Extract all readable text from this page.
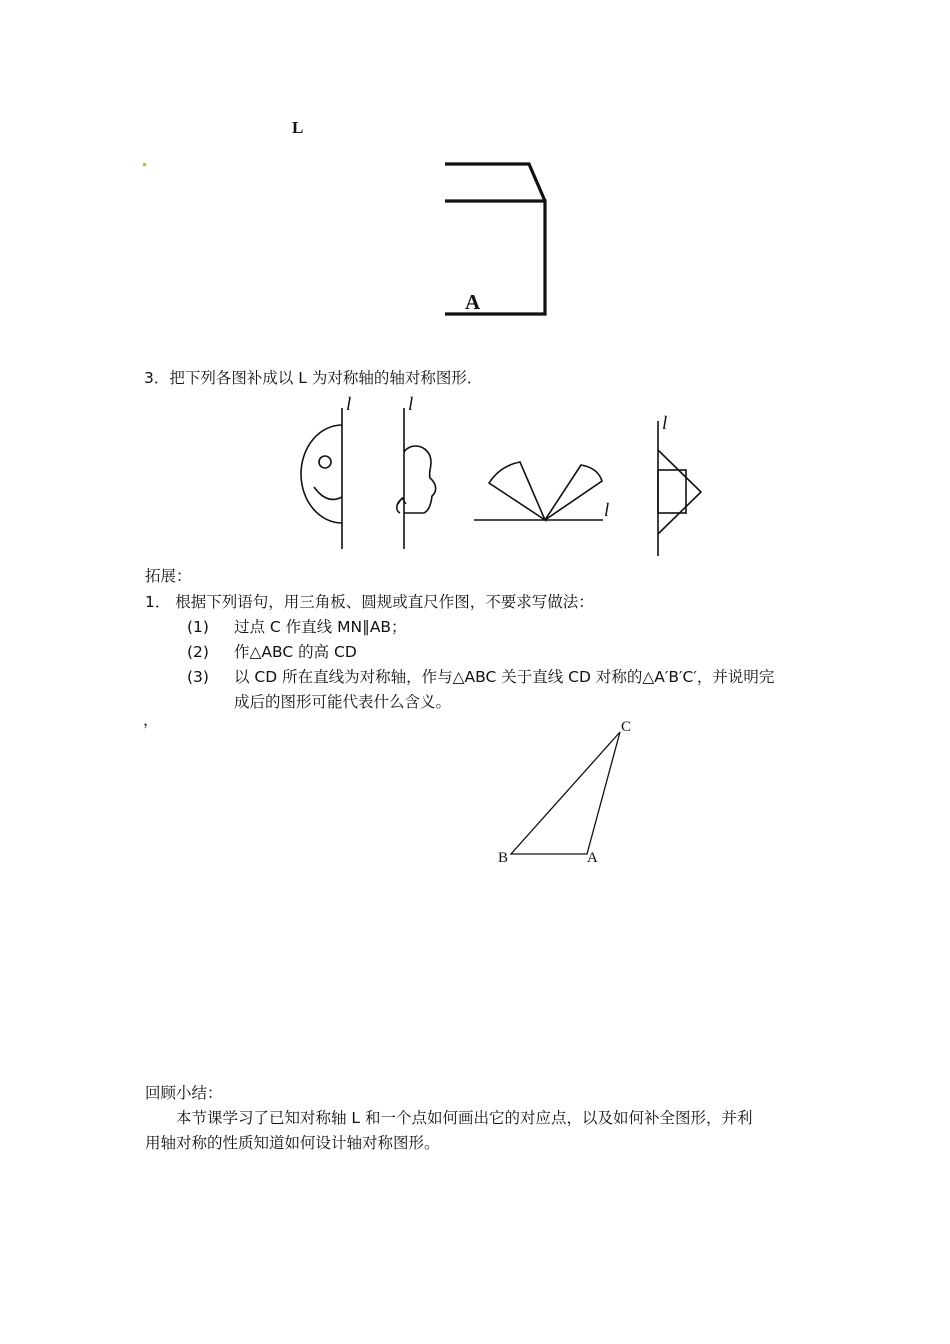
L
A
3．把下列各图补成以 L 为对称轴的轴对称图形．
l	l
l
l
拓展：
1． 根据下列语句，用三角板、圆规或直尺作图，不要求写做法：
(1) 过点 C 作直线 MN∥AB；
(2) 作△ABC 的高 CD
(3) 以 CD 所在直线为对称轴，作与△ABC 关于直线 CD 对称的△A′B′C′，并说明完
成后的图形可能代表什么含义。
，	C
B	A
回顾小结：
本节课学习了已知对称轴 L 和一个点如何画出它的对应点，以及如何补全图形，并利
用轴对称的性质知道如何设计轴对称图形。
